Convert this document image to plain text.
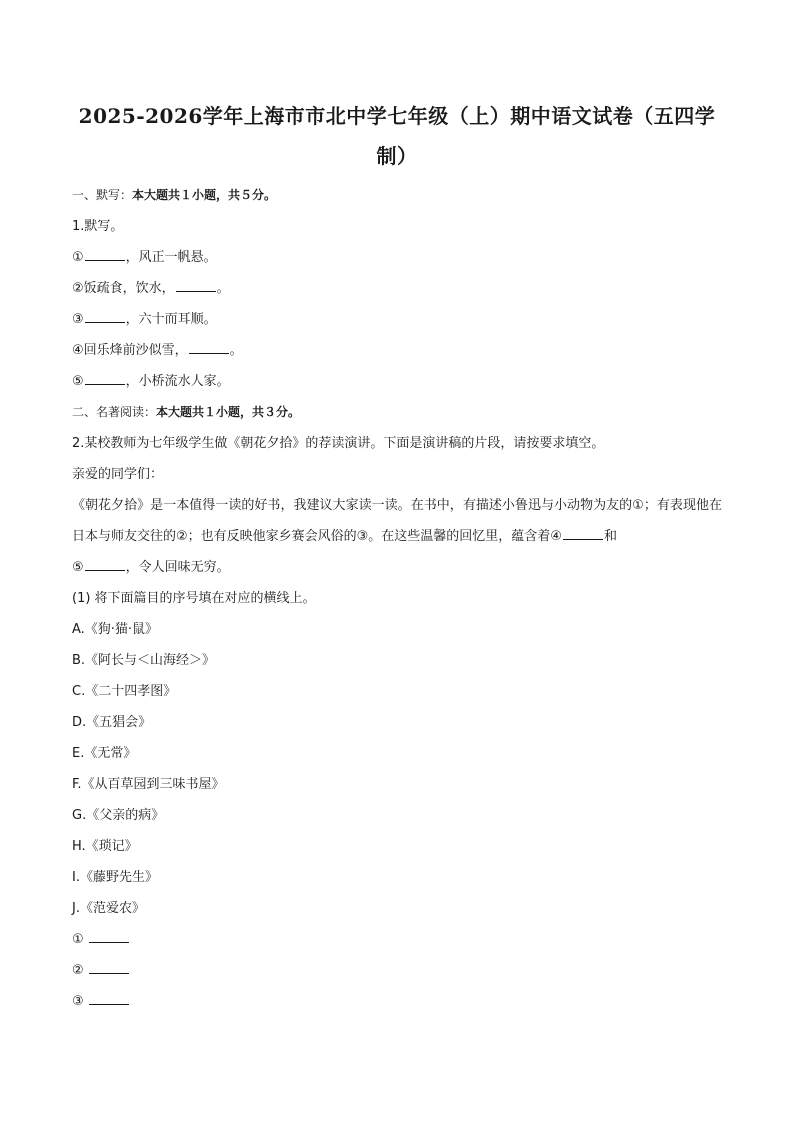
2025-2026学年上海市市北中学七年级（上）期中语文试卷（五四学制）
一、默写：本大题共１小题，共５分。
1.默写。
①	，风正一帆悬。
②饭疏食，饮水，	。
③	，六十而耳顺。
④回乐烽前沙似雪，	。
⑤	，小桥流水人家。
二、名著阅读：本大题共１小题，共３分。
2.某校教师为七年级学生做《朝花夕拾》的荐读演讲。下面是演讲稿的片段，请按要求填空。
亲爱的同学们：
《朝花夕拾》是一本值得一读的好书，我建议大家读一读。在书中，有描述小鲁迅与小动物为友的①；有表现他在日本与师友交往的②；也有反映他家乡赛会风俗的③。在这些温馨的回忆里，蕴含着④	和
⑤	，令人回味无穷。
(1) 将下面篇目的序号填在对应的横线上。
A.《狗·猫·鼠》
B.《阿长与＜山海经＞》
C.《二十四孝图》
D.《五猖会》
E.《无常》
F.《从百草园到三味书屋》
G.《父亲的病》
H.《琐记》
I.《藤野先生》
J.《范爱农》
①
②
③
